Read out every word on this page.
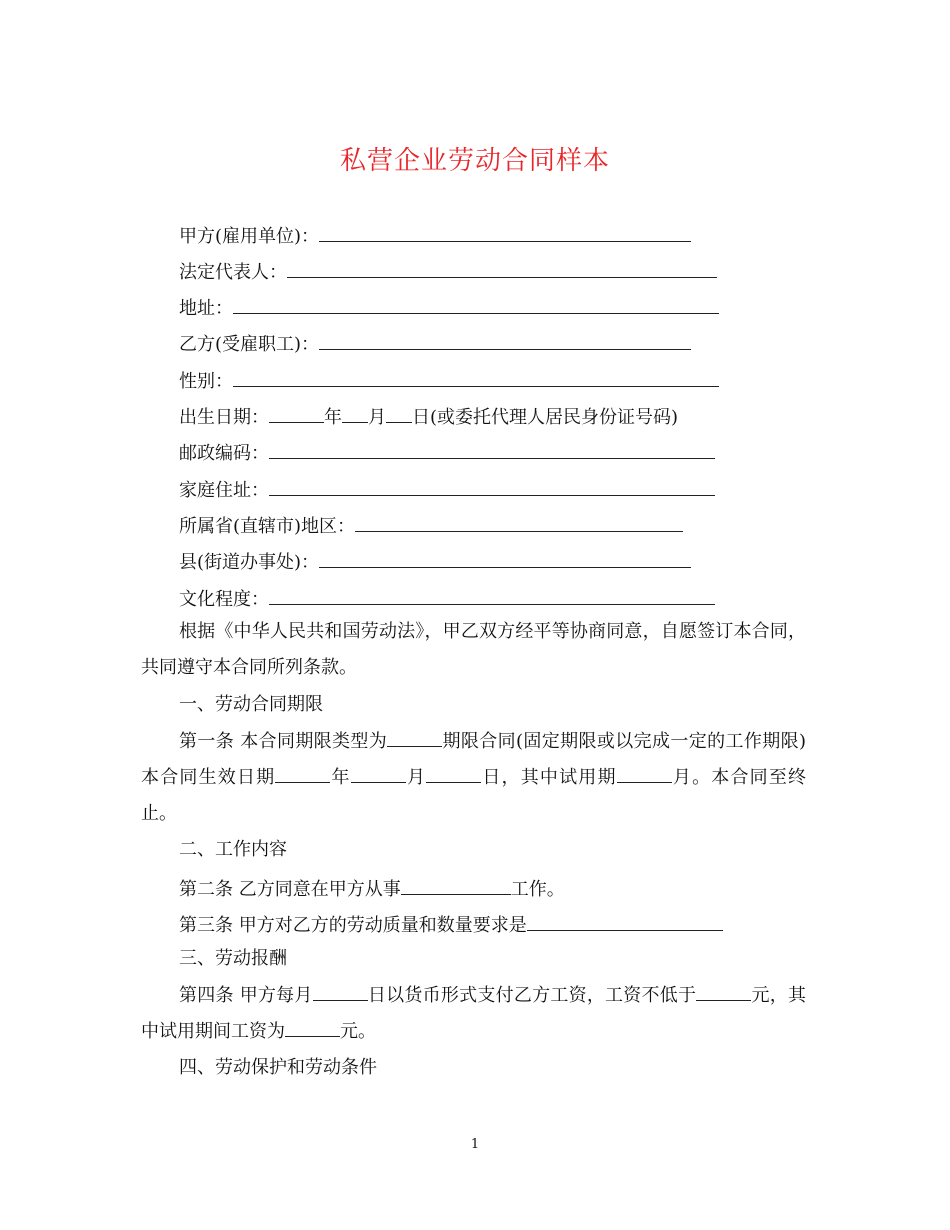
私营企业劳动合同样本
甲方(雇用单位)：
法定代表人：
地址：
乙方(受雇职工)：
性别：
出生日期：	年 月 日(或委托代理人居民身份证号码)
邮政编码：
家庭住址：
所属省(直辖市)地区：
县(街道办事处)：
文化程度：

根据《中华人民共和国劳动法》，甲乙双方经平等协商同意，自愿签订本合同，共同遵守本合同所列条款。

一、劳动合同期限

第一条 本合同期限类型为	期限合同(固定期限或以完成一定的工作期限)本合同生效日期	年	月	日，其中试用期	月。本合同至终止。

二、工作内容
第二条 乙方同意在甲方从事	工作。
第三条 甲方对乙方的劳动质量和数量要求是
三、劳动报酬

第四条 甲方每月	日以货币形式支付乙方工资，工资不低于	元，其中试用期间工资为	元。

四、劳动保护和劳动条件
1
